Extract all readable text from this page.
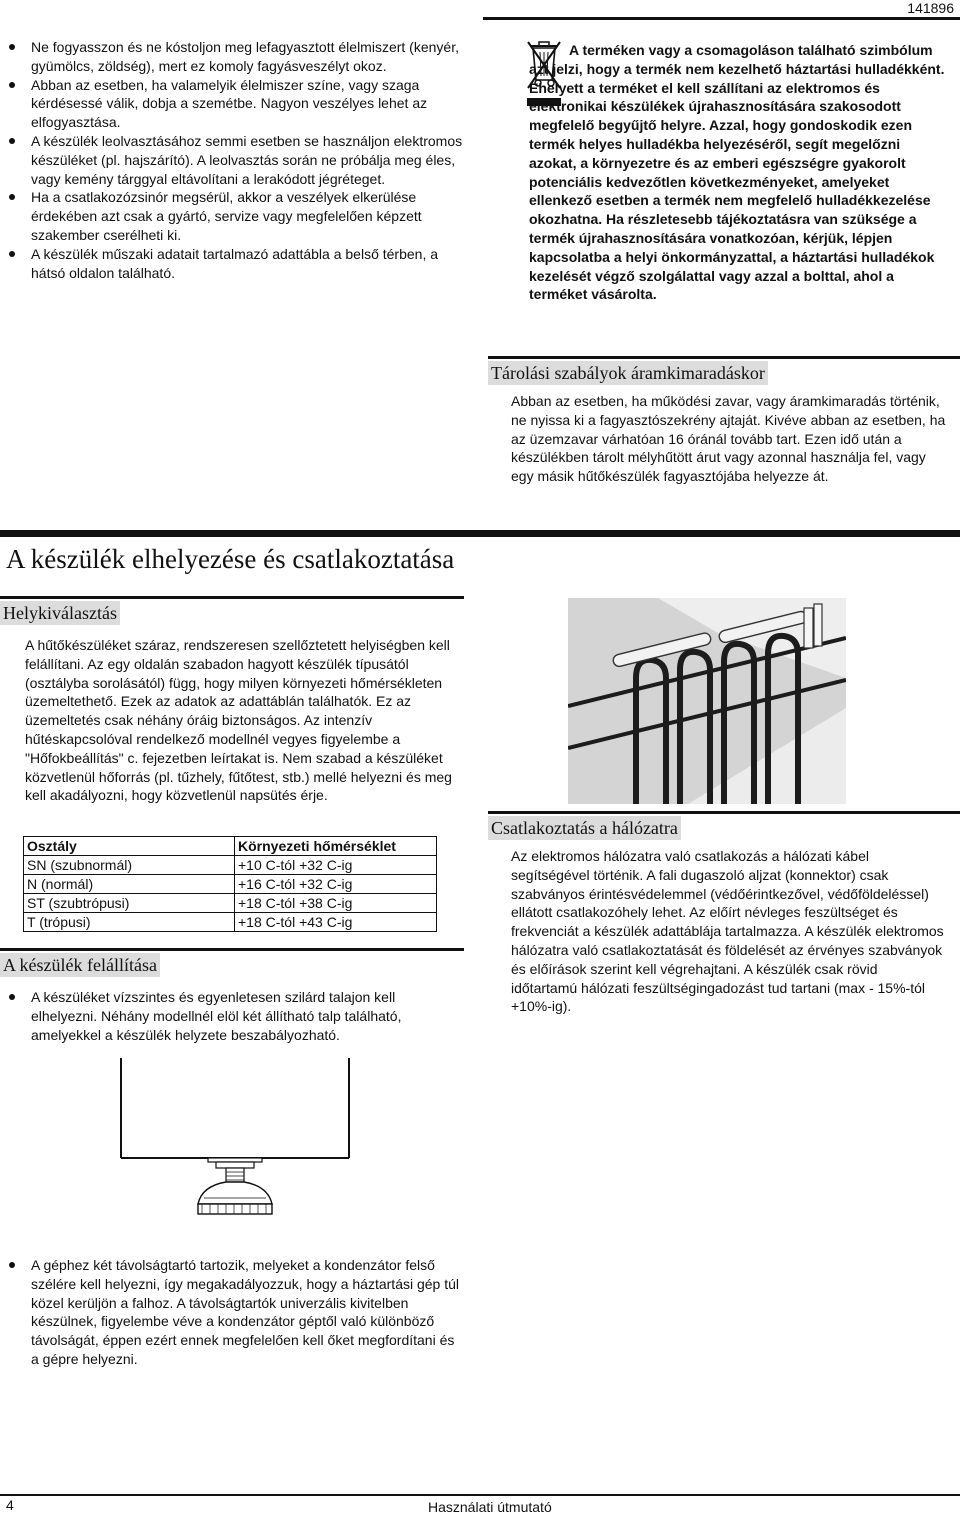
141896
Ne fogyasszon és ne kóstoljon meg lefagyasztott élelmiszert (kenyér, gyümölcs, zöldség), mert ez komoly fagyásveszélyt okoz.
Abban az esetben, ha valamelyik élelmiszer színe, vagy szaga kérdésessé válik, dobja a szemétbe. Nagyon veszélyes lehet az elfogyasztása.
A készülék leolvasztásához semmi esetben se használjon elektromos készüléket (pl. hajszárító). A leolvasztás során ne próbálja meg éles, vagy kemény tárggyal eltávolítani a lerakódott jégréteget.
Ha a csatlakozózsinór megsérül, akkor a veszélyek elkerülése érdekében azt csak a gyártó, servize vagy megfelelően képzett szakember cserélheti ki.
A készülék műszaki adatait tartalmazó adattábla a belső térben, a hátsó oldalon található.

A terméken vagy a csomagoláson található szimbólum azt jelzi, hogy a termék nem kezelhető háztartási hulladékként. Ehelyett a terméket el kell szállítani az elektromos és elektronikai készülékek újrahasznosítására szakosodott megfelelő begyűjtő helyre. Azzal, hogy gondoskodik ezen termék helyes hulladékba helyezéséről, segít megelőzni azokat, a környezetre és az emberi egészségre gyakorolt potenciális kedvezőtlen következményeket, amelyeket ellenkező esetben a termék nem megfelelő hulladékkezelése okozhatna. Ha részletesebb tájékoztatásra van szüksége a termék újrahasznosítására vonatkozóan, kérjük, lépjen kapcsolatba a helyi önkormányzattal, a háztartási hulladékok kezelését végző szolgálattal vagy azzal a bolttal, ahol a terméket vásárolta.

Tárolási szabályok áramkimaradáskor

Abban az esetben, ha működési zavar, vagy áramkimaradás történik, ne nyissa ki a fagyasztószekrény ajtaját. Kivéve abban az esetben, ha az üzemzavar várhatóan 16 óránál tovább tart. Ezen idő után a készülékben tárolt mélyhűtött árut vagy azonnal használja fel, vagy egy másik hűtőkészülék fagyasztójába helyezze át.

A készülék elhelyezése és csatlakoztatása
Helykiválasztás

A hűtőkészüléket száraz, rendszeresen szellőztetett helyiségben kell felállítani. Az egy oldalán szabadon hagyott készülék típusától (osztályba sorolásától) függ, hogy milyen környezeti hőmérsékleten üzemeltethető. Ezek az adatok az adattáblán találhatók. Ez az üzemeltetés csak néhány óráig biztonságos. Az intenzív hűtéskapcsolóval rendelkező modellnél vegyes figyelembe a "Hőfokbeállítás" c. fejezetben leírtakat is. Nem szabad a készüléket közvetlenül hőforrás (pl. tűzhely, fűtőtest, stb.) mellé helyezni és meg kell akadályozni, hogy közvetlenül napsütés érje.

Osztály	Környezeti hőmérséklet
SN (szubnormál)	+10 C-tól +32 C-ig
N (normál)	+16 C-tól +32 C-ig
ST (szubtrópusi)	+18 C-tól +38 C-ig
T (trópusi)	+18 C-tól +43 C-ig
A készülék felállítása
A készüléket vízszintes és egyenletesen szilárd talajon kell elhelyezni. Néhány modellnél elöl két állítható talp található, amelyekkel a készülék helyzete beszabályozható.
Csatlakoztatás a hálózatra

Az elektromos hálózatra való csatlakozás a hálózati kábel segítségével történik. A fali dugaszoló aljzat (konnektor) csak szabványos érintésvédelemmel (védőérintkezővel, védőföldeléssel) ellátott csatlakozóhely lehet. Az előírt névleges feszültséget és frekvenciát a készülék adattáblája tartalmazza. A készülék elektromos hálózatra való csatlakoztatását és földelését az érvényes szabványok és előírások szerint kell végrehajtani. A készülék csak rövid időtartamú hálózati feszültségingadozást tud tartani (max - 15%-tól +10%-ig).

A géphez két távolságtartó tartozik, melyeket a kondenzátor felső szélére kell helyezni, így megakadályozzuk, hogy a háztartási gép túl közel kerüljön a falhoz. A távolságtartók univerzális kivitelben készülnek, figyelembe véve a kondenzátor géptől való különböző távolságát, éppen ezért ennek megfelelően kell őket megfordítani és a gépre helyezni.
4	Használati útmutató
